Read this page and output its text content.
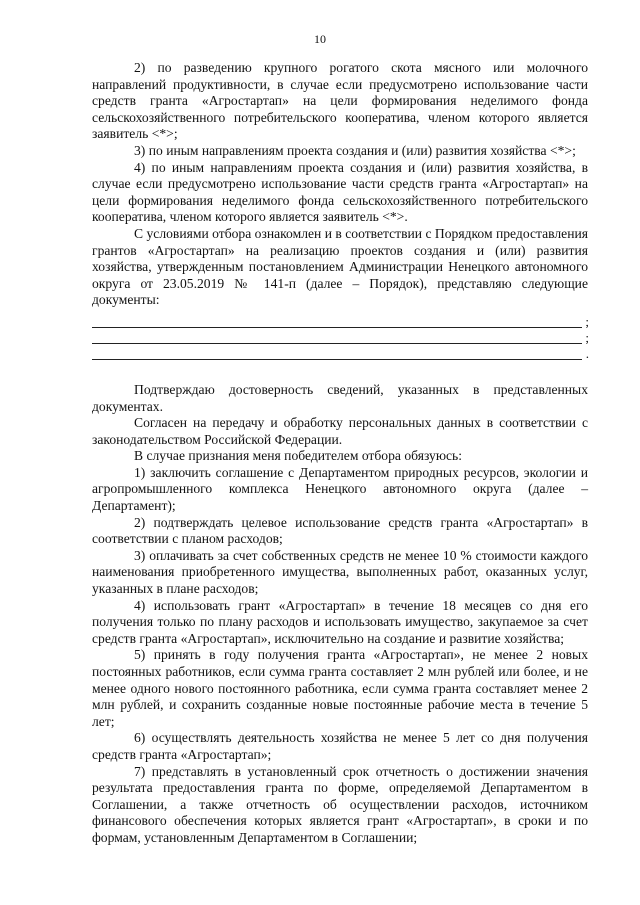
10

2) по разведению крупного рогатого скота мясного или молочного направлений продуктивности, в случае если предусмотрено использование части средств гранта «Агростартап» на цели формирования неделимого фонда сельскохозяйственного потребительского кооператива, членом которого является заявитель <*>;

3) по иным направлениям проекта создания и (или) развития хозяйства <*>;

4) по иным направлениям проекта создания и (или) развития хозяйства, в случае если предусмотрено использование части средств гранта «Агростартап» на цели формирования неделимого фонда сельскохозяйственного потребительского кооператива, членом которого является заявитель <*>.

С условиями отбора ознакомлен и в соответствии с Порядком предоставления грантов «Агростартап» на реализацию проектов создания и (или) развития хозяйства, утвержденным постановлением Администрации Ненецкого автономного округа от 23.05.2019 № 141-п (далее – Порядок), представляю следующие документы:

;
;
.

Подтверждаю достоверность сведений, указанных в представленных документах.

Согласен на передачу и обработку персональных данных в соответствии с законодательством Российской Федерации.

В случае признания меня победителем отбора обязуюсь:

1) заключить соглашение с Департаментом природных ресурсов, экологии и агропромышленного комплекса Ненецкого автономного округа (далее – Департамент);

2) подтверждать целевое использование средств гранта «Агростартап» в соответствии с планом расходов;

3) оплачивать за счет собственных средств не менее 10 % стоимости каждого наименования приобретенного имущества, выполненных работ, оказанных услуг, указанных в плане расходов;

4) использовать грант «Агростартап» в течение 18 месяцев со дня его получения только по плану расходов и использовать имущество, закупаемое за счет средств гранта «Агростартап», исключительно на создание и развитие хозяйства;

5) принять в году получения гранта «Агростартап», не менее 2 новых постоянных работников, если сумма гранта составляет 2 млн рублей или более, и не менее одного нового постоянного работника, если сумма гранта составляет менее 2 млн рублей, и сохранить созданные новые постоянные рабочие места в течение 5 лет;

6) осуществлять деятельность хозяйства не менее 5 лет со дня получения средств гранта «Агростартап»;

7) представлять в установленный срок отчетность о достижении значения результата предоставления гранта по форме, определяемой Департаментом в Соглашении, а также отчетность об осуществлении расходов, источником финансового обеспечения которых является грант «Агростартап», в сроки и по формам, установленным Департаментом в Соглашении;
